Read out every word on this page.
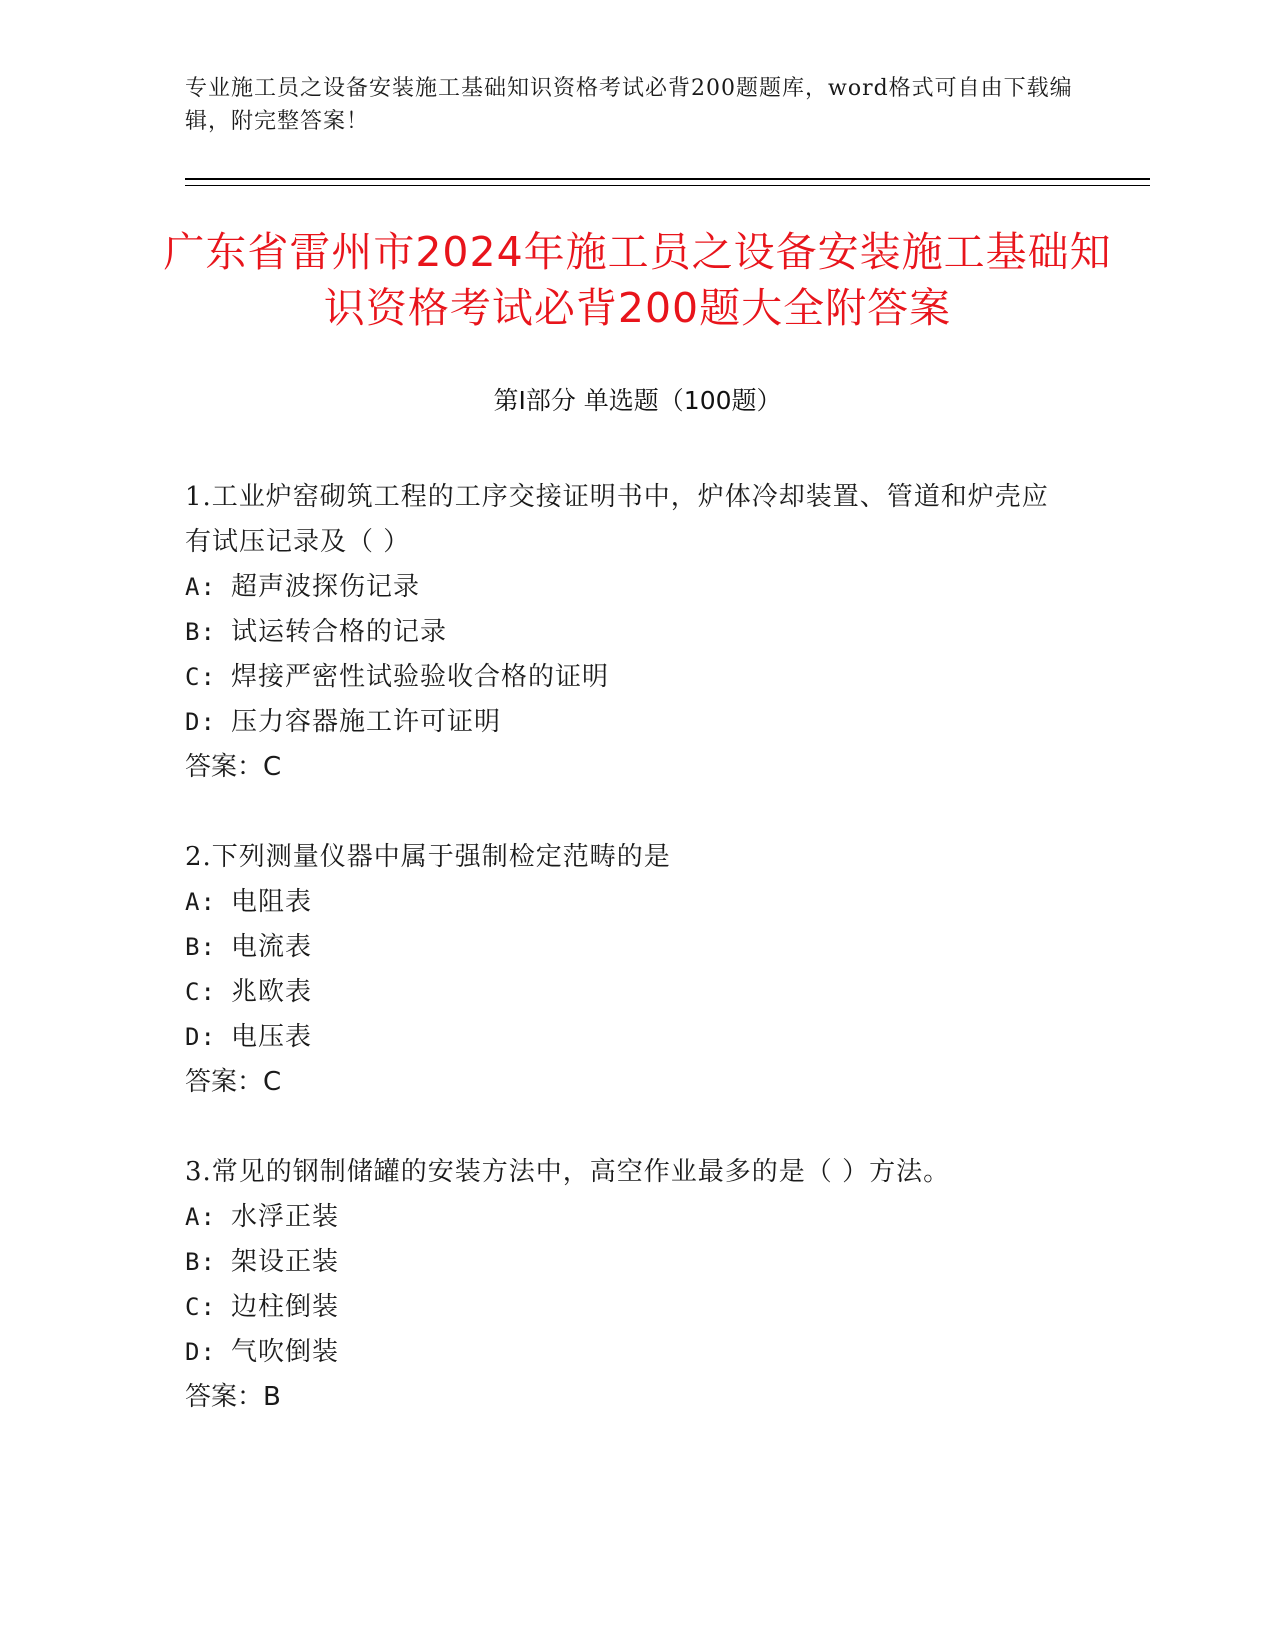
专业施工员之设备安装施工基础知识资格考试必背200题题库，word格式可自由下载编辑，附完整答案！
广东省雷州市2024年施工员之设备安装施工基础知识资格考试必背200题大全附答案
第Ⅰ部分 单选题（100题）

1.工业炉窑砌筑工程的工序交接证明书中，炉体冷却装置、管道和炉壳应有试压记录及（ ）

A: 超声波探伤记录

B: 试运转合格的记录

C: 焊接严密性试验验收合格的证明

D: 压力容器施工许可证明

答案：C

2.下列测量仪器中属于强制检定范畴的是

A: 电阻表

B: 电流表

C: 兆欧表

D: 电压表

答案：C

3.常见的钢制储罐的安装方法中，高空作业最多的是（ ）方法。

A: 水浮正装

B: 架设正装

C: 边柱倒装

D: 气吹倒装

答案：B
